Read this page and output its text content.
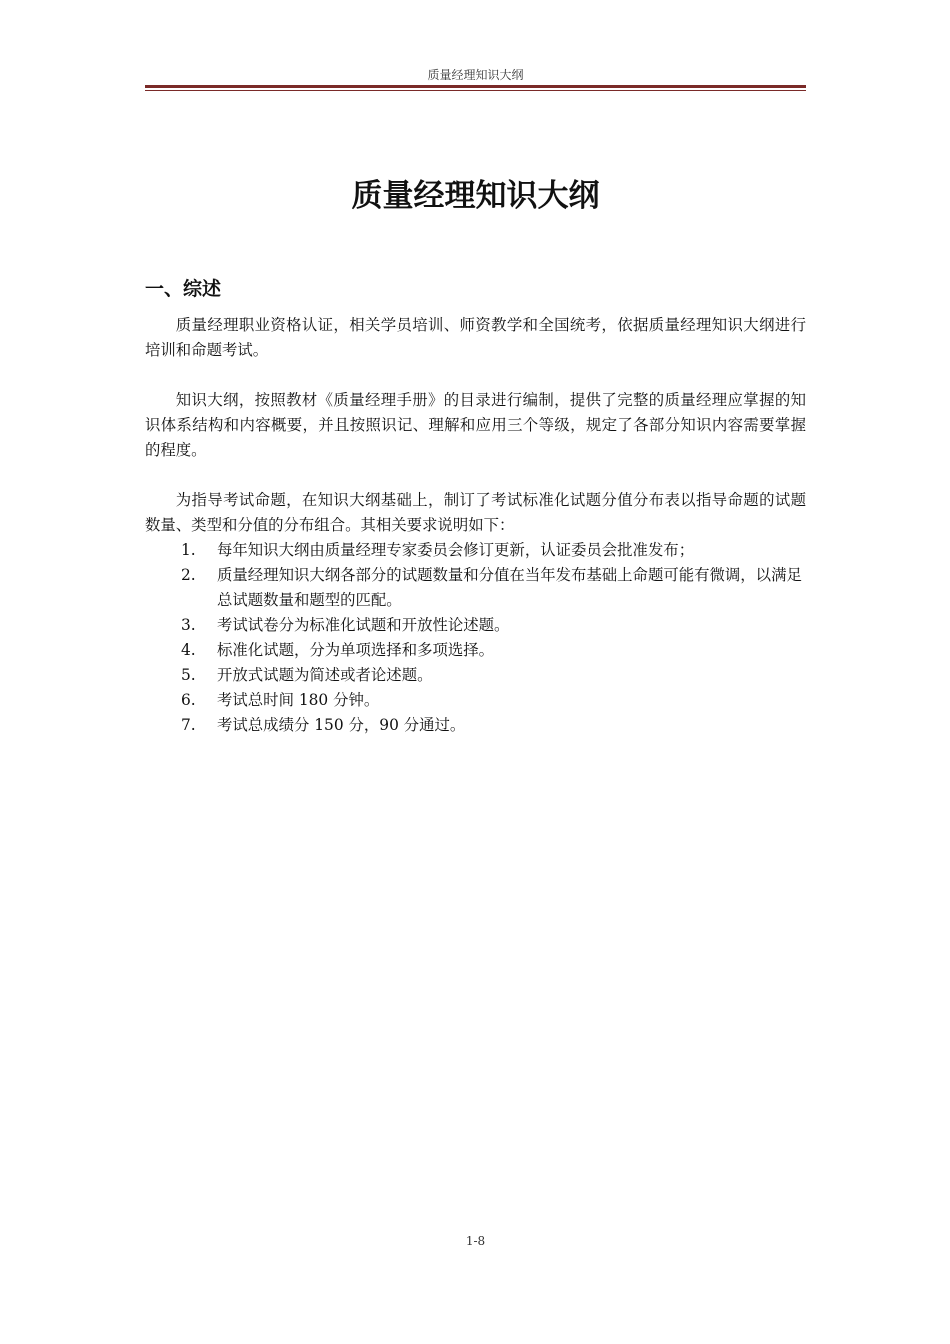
质量经理知识大纲
质量经理知识大纲
一、综述

质量经理职业资格认证，相关学员培训、师资教学和全国统考，依据质量经理知识大纲进行培训和命题考试。

知识大纲，按照教材《质量经理手册》的目录进行编制，提供了完整的质量经理应掌握的知识体系结构和内容概要，并且按照识记、理解和应用三个等级，规定了各部分知识内容需要掌握的程度。

为指导考试命题，在知识大纲基础上，制订了考试标准化试题分值分布表以指导命题的试题数量、类型和分值的分布组合。其相关要求说明如下：

1. 每年知识大纲由质量经理专家委员会修订更新，认证委员会批准发布；
2. 质量经理知识大纲各部分的试题数量和分值在当年发布基础上命题可能有微调，以满足总试题数量和题型的匹配。
3. 考试试卷分为标准化试题和开放性论述题。
4. 标准化试题，分为单项选择和多项选择。
5. 开放式试题为简述或者论述题。
6. 考试总时间 180 分钟。
7. 考试总成绩分 150 分，90 分通过。
1-8
